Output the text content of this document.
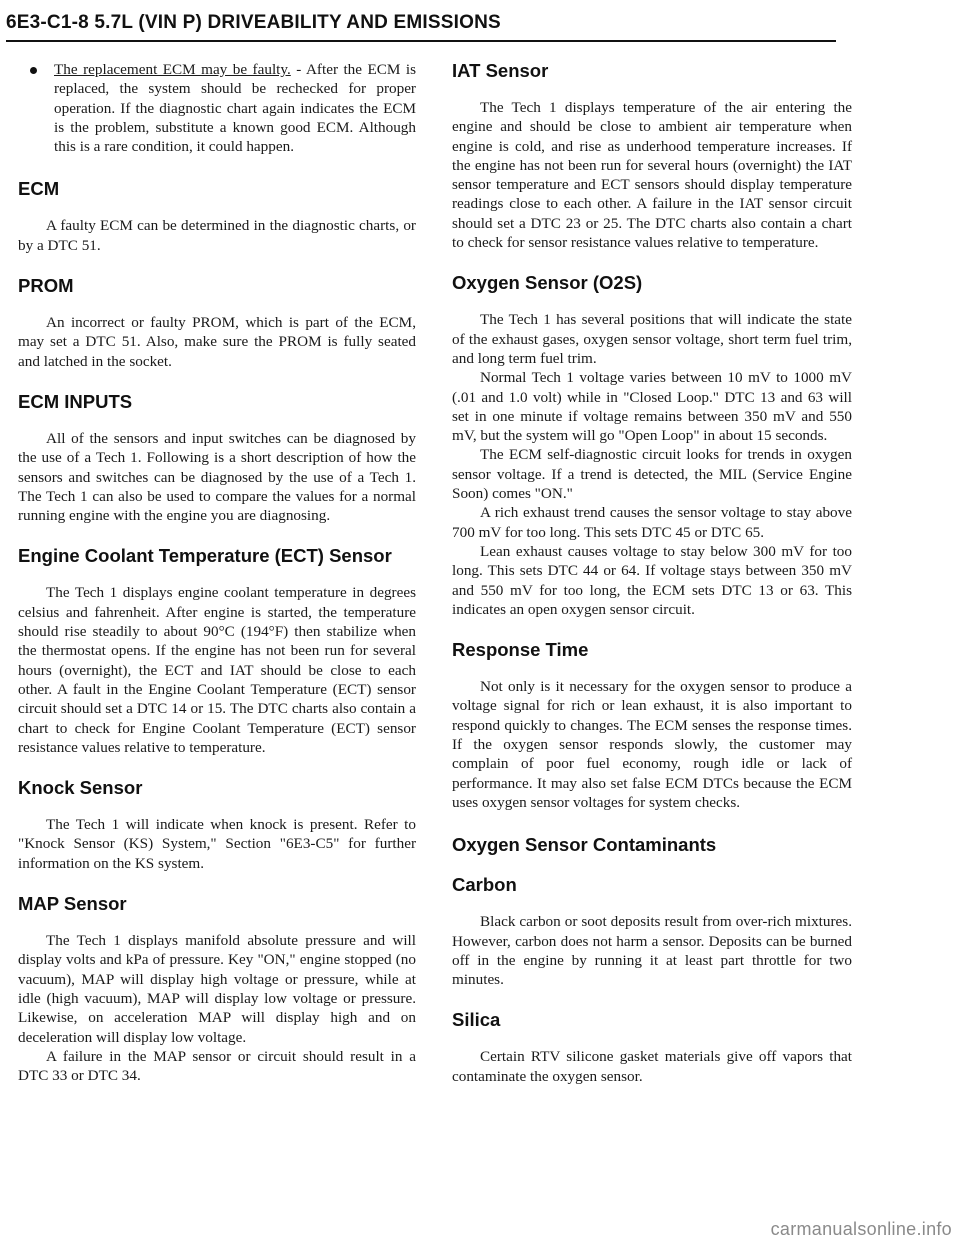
6E3-C1-8 5.7L (VIN P) DRIVEABILITY AND EMISSIONS

The replacement ECM may be faulty. - After the ECM is replaced, the system should be rechecked for proper operation. If the diagnostic chart again indicates the ECM is the problem, substitute a known good ECM. Although this is a rare condition, it could happen.

ECM

A faulty ECM can be determined in the diagnostic charts, or by a DTC 51.

PROM

An incorrect or faulty PROM, which is part of the ECM, may set a DTC 51. Also, make sure the PROM is fully seated and latched in the socket.

ECM INPUTS

All of the sensors and input switches can be diagnosed by the use of a Tech 1. Following is a short description of how the sensors and switches can be diagnosed by the use of a Tech 1. The Tech 1 can also be used to compare the values for a normal running engine with the engine you are diagnosing.

Engine Coolant Temperature (ECT) Sensor

The Tech 1 displays engine coolant temperature in degrees celsius and fahrenheit. After engine is started, the temperature should rise steadily to about 90°C (194°F) then stabilize when the thermostat opens. If the engine has not been run for several hours (overnight), the ECT and IAT should be close to each other. A fault in the Engine Coolant Temperature (ECT) sensor circuit should set a DTC 14 or 15. The DTC charts also contain a chart to check for Engine Coolant Temperature (ECT) sensor resistance values relative to temperature.

Knock Sensor

The Tech 1 will indicate when knock is present. Refer to "Knock Sensor (KS) System," Section "6E3-C5" for further information on the KS system.

MAP Sensor

The Tech 1 displays manifold absolute pressure and will display volts and kPa of pressure. Key "ON," engine stopped (no vacuum), MAP will display high voltage or pressure, while at idle (high vacuum), MAP will display low voltage or pressure. Likewise, on acceleration MAP will display high and on deceleration will display low voltage.

A failure in the MAP sensor or circuit should result in a DTC 33 or DTC 34.

IAT Sensor

The Tech 1 displays temperature of the air entering the engine and should be close to ambient air temperature when engine is cold, and rise as underhood temperature increases. If the engine has not been run for several hours (overnight) the IAT sensor temperature and ECT sensors should display temperature readings close to each other. A failure in the IAT sensor circuit should set a DTC 23 or 25. The DTC charts also contain a chart to check for sensor resistance values relative to temperature.

Oxygen Sensor (O2S)

The Tech 1 has several positions that will indicate the state of the exhaust gases, oxygen sensor voltage, short term fuel trim, and long term fuel trim.

Normal Tech 1 voltage varies between 10 mV to 1000 mV (.01 and 1.0 volt) while in "Closed Loop." DTC 13 and 63 will set in one minute if voltage remains between 350 mV and 550 mV, but the system will go "Open Loop" in about 15 seconds.

The ECM self-diagnostic circuit looks for trends in oxygen sensor voltage. If a trend is detected, the MIL (Service Engine Soon) comes "ON."

A rich exhaust trend causes the sensor voltage to stay above 700 mV for too long. This sets DTC 45 or DTC 65.

Lean exhaust causes voltage to stay below 300 mV for too long. This sets DTC 44 or 64. If voltage stays between 350 mV and 550 mV for too long, the ECM sets DTC 13 or 63. This indicates an open oxygen sensor circuit.

Response Time

Not only is it necessary for the oxygen sensor to produce a voltage signal for rich or lean exhaust, it is also important to respond quickly to changes. The ECM senses the response times. If the oxygen sensor responds slowly, the customer may complain of poor fuel economy, rough idle or lack of performance. It may also set false ECM DTCs because the ECM uses oxygen sensor voltages for system checks.

Oxygen Sensor Contaminants
Carbon

Black carbon or soot deposits result from over-rich mixtures. However, carbon does not harm a sensor. Deposits can be burned off in the engine by running it at least part throttle for two minutes.

Silica

Certain RTV silicone gasket materials give off vapors that contaminate the oxygen sensor.

carmanualsonline.info
